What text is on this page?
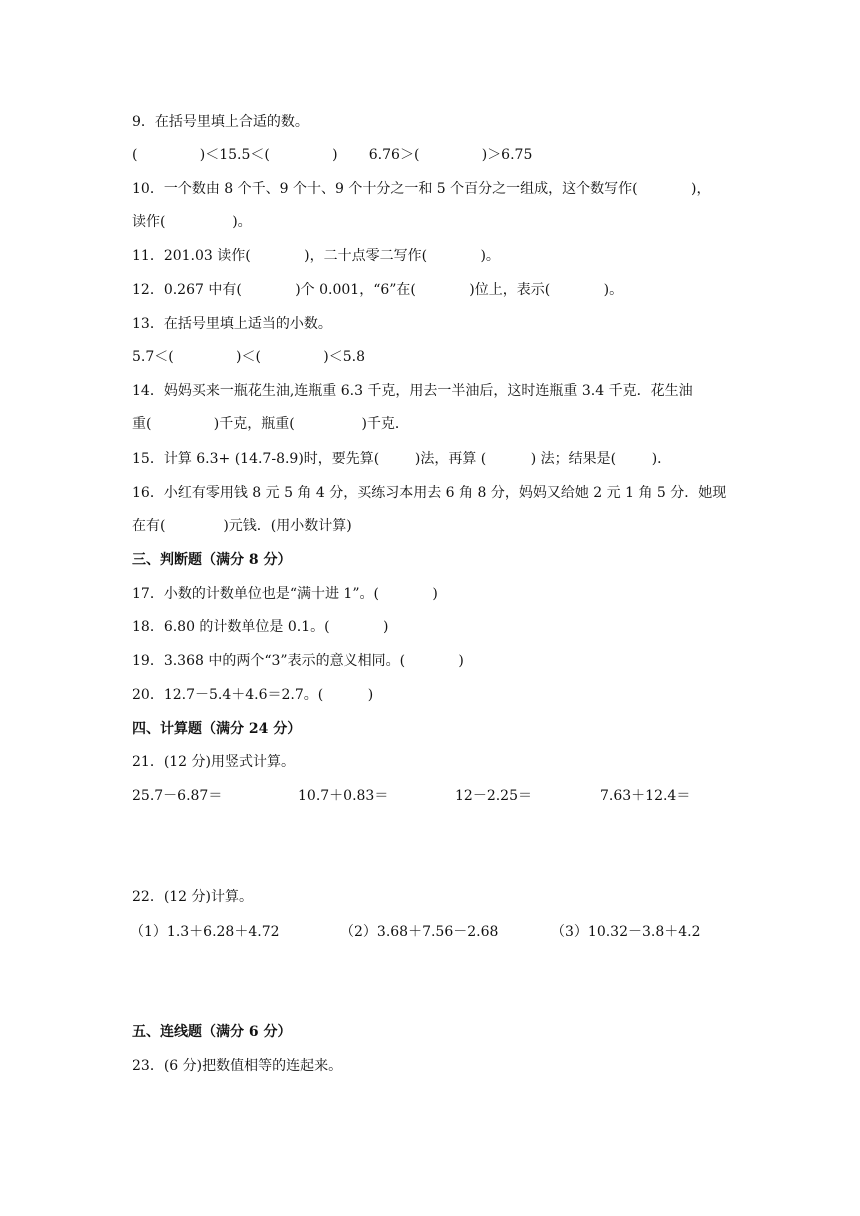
9．在括号里填上合适的数。
(              )＜15.5＜(              )       6.76＞(              )＞6.75
10．一个数由 8 个千、9 个十、9 个十分之一和 5 个百分之一组成，这个数写作(            )，
读作(               )。
11．201.03 读作(            )，二十点零二写作(            )。
12．0.267 中有(            )个 0.001，“6”在(            )位上，表示(            )。
13．在括号里填上适当的小数。
5.7＜(              )＜(              )＜5.8
14．妈妈买来一瓶花生油,连瓶重 6.3 千克，用去一半油后，这时连瓶重 3.4 千克．花生油
重(              )千克，瓶重(               )千克．
15．计算 6.3+ (14.7-8.9)时，要先算(        )法，再算 (          ) 法；结果是(        )．
16．小红有零用钱 8 元 5 角 4 分，买练习本用去 6 角 8 分，妈妈又给她 2 元 1 角 5 分．她现
在有(             )元钱．(用小数计算)
三、判断题（满分 8 分）
17．小数的计数单位也是“满十进 1”。(            )
18．6.80 的计数单位是 0.1。(            )
19．3.368 中的两个“3”表示的意义相同。(            )
20．12.7－5.4＋4.6＝2.7。(          )
四、计算题（满分 24 分）
21．(12 分)用竖式计算。
25.7－6.87＝	10.7＋0.83＝	12－2.25＝	7.63＋12.4＝
22．(12 分)计算。
（1）1.3＋6.28＋4.72	（2）3.68＋7.56－2.68	（3）10.32－3.8＋4.2
五、连线题（满分 6 分）
23．(6 分)把数值相等的连起来。
